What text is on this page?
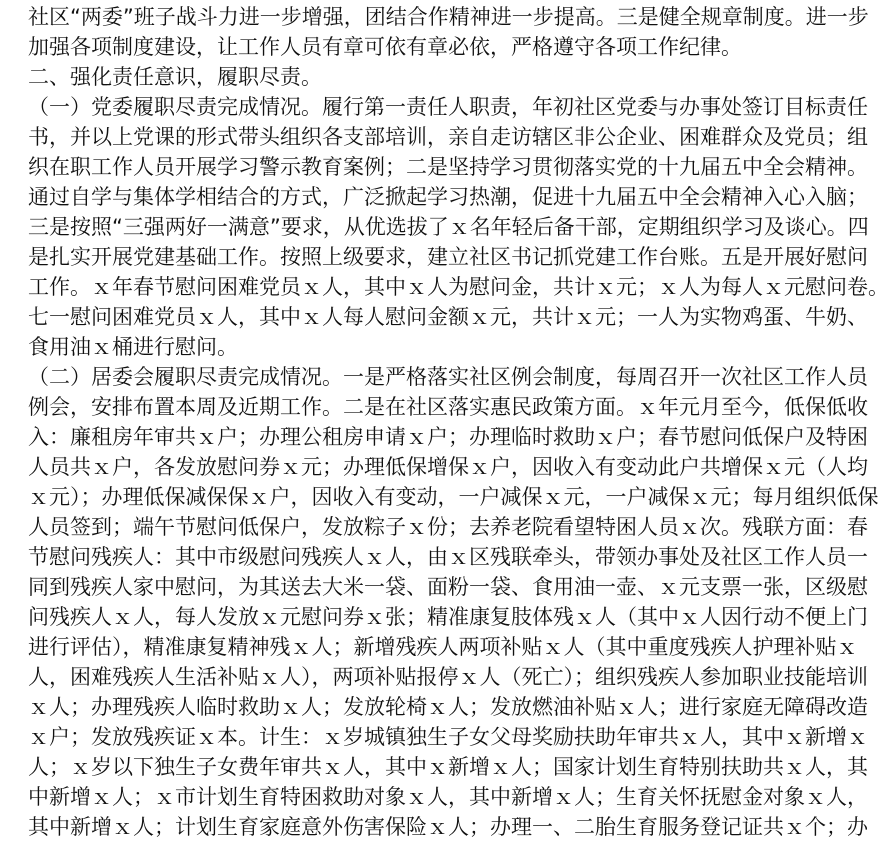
社区“两委”班子战斗力进一步增强，团结合作精神进一步提高。三是健全规章制度。进一步
加强各项制度建设，让工作人员有章可依有章必依，严格遵守各项工作纪律。
二、强化责任意识，履职尽责。
（一）党委履职尽责完成情况。履行第一责任人职责，年初社区党委与办事处签订目标责任
书，并以上党课的形式带头组织各支部培训，亲自走访辖区非公企业、困难群众及党员；组
织在职工作人员开展学习警示教育案例；二是坚持学习贯彻落实党的十九届五中全会精神。
通过自学与集体学相结合的方式，广泛掀起学习热潮，促进十九届五中全会精神入心入脑；
三是按照“三强两好一满意”要求，从优选拔了ｘ名年轻后备干部，定期组织学习及谈心。四
是扎实开展党建基础工作。按照上级要求，建立社区书记抓党建工作台账。五是开展好慰问
工作。ｘ年春节慰问困难党员ｘ人，其中ｘ人为慰问金，共计ｘ元；ｘ人为每人ｘ元慰问卷。
七一慰问困难党员ｘ人，其中ｘ人每人慰问金额ｘ元，共计ｘ元；一人为实物鸡蛋、牛奶、
食用油ｘ桶进行慰问。
（二）居委会履职尽责完成情况。一是严格落实社区例会制度，每周召开一次社区工作人员
例会，安排布置本周及近期工作。二是在社区落实惠民政策方面。ｘ年元月至今，低保低收
入：廉租房年审共ｘ户；办理公租房申请ｘ户；办理临时救助ｘ户；春节慰问低保户及特困
人员共ｘ户，各发放慰问券ｘ元；办理低保增保ｘ户，因收入有变动此户共增保ｘ元（人均
ｘ元）；办理低保减保保ｘ户，因收入有变动，一户减保ｘ元，一户减保ｘ元；每月组织低保
人员签到；端午节慰问低保户，发放粽子ｘ份；去养老院看望特困人员ｘ次。残联方面：春
节慰问残疾人：其中市级慰问残疾人ｘ人，由ｘ区残联牵头，带领办事处及社区工作人员一
同到残疾人家中慰问，为其送去大米一袋、面粉一袋、食用油一壶、ｘ元支票一张，区级慰
问残疾人ｘ人，每人发放ｘ元慰问券ｘ张；精准康复肢体残ｘ人（其中ｘ人因行动不便上门
进行评估），精准康复精神残ｘ人；新增残疾人两项补贴ｘ人（其中重度残疾人护理补贴ｘ
人，困难残疾人生活补贴ｘ人），两项补贴报停ｘ人（死亡）；组织残疾人参加职业技能培训
ｘ人；办理残疾人临时救助ｘ人；发放轮椅ｘ人；发放燃油补贴ｘ人；进行家庭无障碍改造
ｘ户；发放残疾证ｘ本。计生：ｘ岁城镇独生子女父母奖励扶助年审共ｘ人，其中ｘ新增ｘ
人；ｘ岁以下独生子女费年审共ｘ人，其中ｘ新增ｘ人；国家计划生育特别扶助共ｘ人，其
中新增ｘ人；ｘ市计划生育特困救助对象ｘ人，其中新增ｘ人；生育关怀抚慰金对象ｘ人，
其中新增ｘ人；计划生育家庭意外伤害保险ｘ人；办理一、二胎生育服务登记证共ｘ个；办
